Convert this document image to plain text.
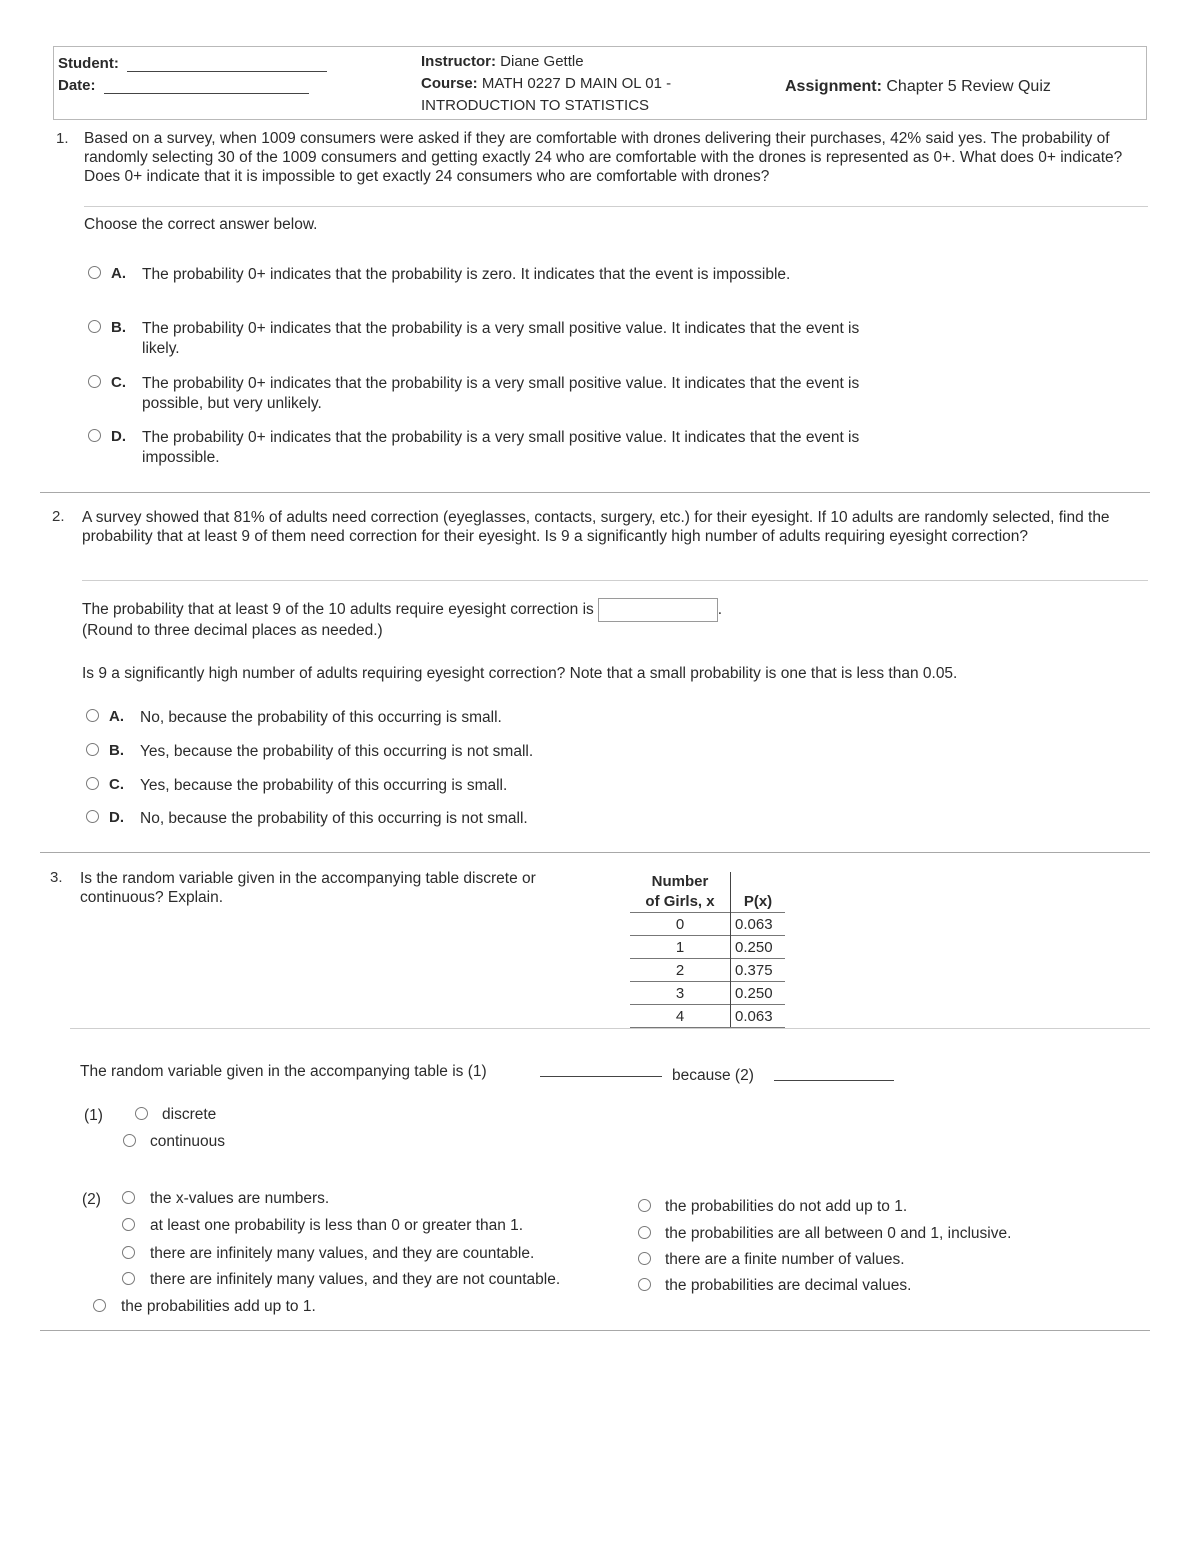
Student:
Date:
Instructor: Diane Gettle
Course: MATH 0227 D MAIN OL 01 -
INTRODUCTION TO STATISTICS
Assignment: Chapter 5 Review Quiz
1. Based on a survey, when 1009 consumers were asked if they are comfortable with drones delivering their purchases, 42% said yes. The probability of randomly selecting 30 of the 1009 consumers and getting exactly 24 who are comfortable with the drones is represented as 0+. What does 0+ indicate? Does 0+ indicate that it is impossible to get exactly 24 consumers who are comfortable with drones?
Choose the correct answer below.
A. The probability 0+ indicates that the probability is zero. It indicates that the event is impossible.
B. The probability 0+ indicates that the probability is a very small positive value. It indicates that the event is likely.
C. The probability 0+ indicates that the probability is a very small positive value. It indicates that the event is possible, but very unlikely.
D. The probability 0+ indicates that the probability is a very small positive value. It indicates that the event is impossible.
2. A survey showed that 81% of adults need correction (eyeglasses, contacts, surgery, etc.) for their eyesight. If 10 adults are randomly selected, find the probability that at least 9 of them need correction for their eyesight. Is 9 a significantly high number of adults requiring eyesight correction?
The probability that at least 9 of the 10 adults require eyesight correction is	.
(Round to three decimal places as needed.)
Is 9 a significantly high number of adults requiring eyesight correction? Note that a small probability is one that is less than 0.05.
A. No, because the probability of this occurring is small.
B. Yes, because the probability of this occurring is not small.
C. Yes, because the probability of this occurring is small.
D. No, because the probability of this occurring is not small.
3. Is the random variable given in the accompanying table discrete or continuous? Explain.
Number
of Girls, x	P(x)
0	0.063
1	0.250
2	0.375
3	0.250
4	0.063
The random variable given in the accompanying table is (1)	because (2)
(1)	discrete
continuous
(2)	the x-values are numbers.
at least one probability is less than 0 or greater than 1.
there are infinitely many values, and they are countable.
there are infinitely many values, and they are not countable.
the probabilities add up to 1.
the probabilities do not add up to 1.
the probabilities are all between 0 and 1, inclusive.
there are a finite number of values.
the probabilities are decimal values.
